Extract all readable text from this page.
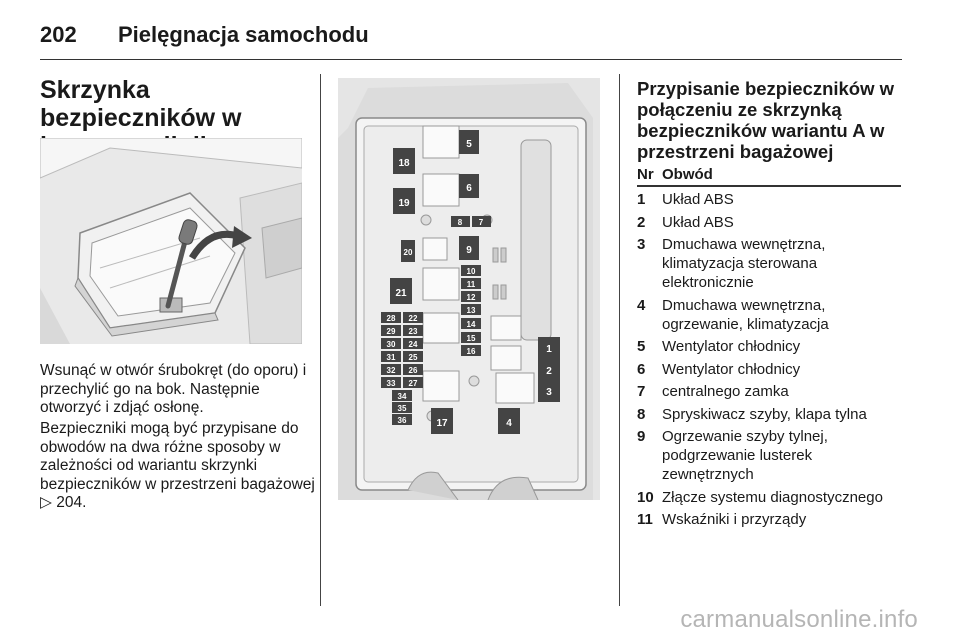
202 Pielęgnacja samochodu
Skrzynka bezpieczników w
Wsunąć w otwór śrubokręt (do oporu) i przechylić go na bok. Następnie otworzyć i zdjąć osłonę.
Bezpieczniki mogą być przypisane do obwodów na dwa różne sposoby w zależności od wariantu skrzynki bezpieczników w przestrzeni bagażowej ▷ 204.
5
6
9
18
19
20
21
17	4
1
2
3
8 7
10
11
12
13
14
15
16
28 22
29 23
30 24
31 25
32 26
33 27
34
35
36
Przypisanie bezpieczników w połączeniu ze skrzynką bezpieczników wariantu A w przestrzeni bagażowej
Nr Obwód
1 Układ ABS
2 Układ ABS
3 Dmuchawa wewnętrzna, klimatyzacja sterowana elektronicznie
4 Dmuchawa wewnętrzna, ogrzewanie, klimatyzacja
5 Wentylator chłodnicy
6 Wentylator chłodnicy
7 centralnego zamka
8 Spryskiwacz szyby, klapa tylna
9 Ogrzewanie szyby tylnej, podgrzewanie lusterek zewnętrznych
10 Złącze systemu diagnostycznego
11 Wskaźniki i przyrządy
carmanualsonline.info
